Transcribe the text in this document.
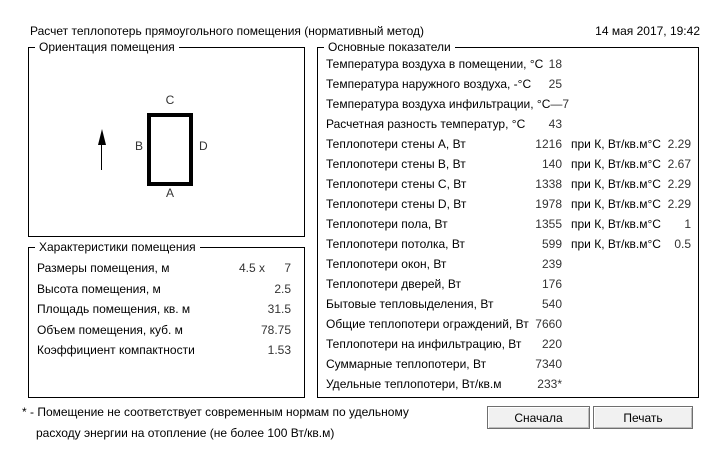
Расчет теплопотерь прямоугольного помещения (нормативный метод)	14 мая 2017, 19:42
Ориентация помещения
C
B	D
A
Характеристики помещения
Размеры помещения, м	4.5 x	7
Высота помещения, м	2.5
Площадь помещения, кв. м	31.5
Объем помещения, куб. м	78.75
Коэффициент компактности	1.53
Основные показатели
Температура воздуха в помещении, °С 18
Температура наружного воздуха, -°С	25
Температура воздуха инфильтрации, °С —7
Расчетная разность температур, °С	43
Теплопотери стены A, Вт	1216 при К, Вт/кв.м°С 2.29
Теплопотери стены B, Вт	140 при К, Вт/кв.м°С 2.67
Теплопотери стены C, Вт	1338 при К, Вт/кв.м°С 2.29
Теплопотери стены D, Вт	1978 при К, Вт/кв.м°С 2.29
Теплопотери пола, Вт	1355 при К, Вт/кв.м°С 1
Теплопотери потолка, Вт	599 при К, Вт/кв.м°С 0.5
Теплопотери окон, Вт	239
Теплопотери дверей, Вт	176
Бытовые тепловыделения, Вт	540
Общие теплопотери ограждений, Вт 7660
Теплопотери на инфильтрацию, Вт	220
Суммарные теплопотери, Вт	7340
Удельные теплопотери, Вт/кв.м	233*
* - Помещение не соответствует современным нормам по удельному
расходу энергии на отопление (не более 100 Вт/кв.м)
Сначала	Печать
